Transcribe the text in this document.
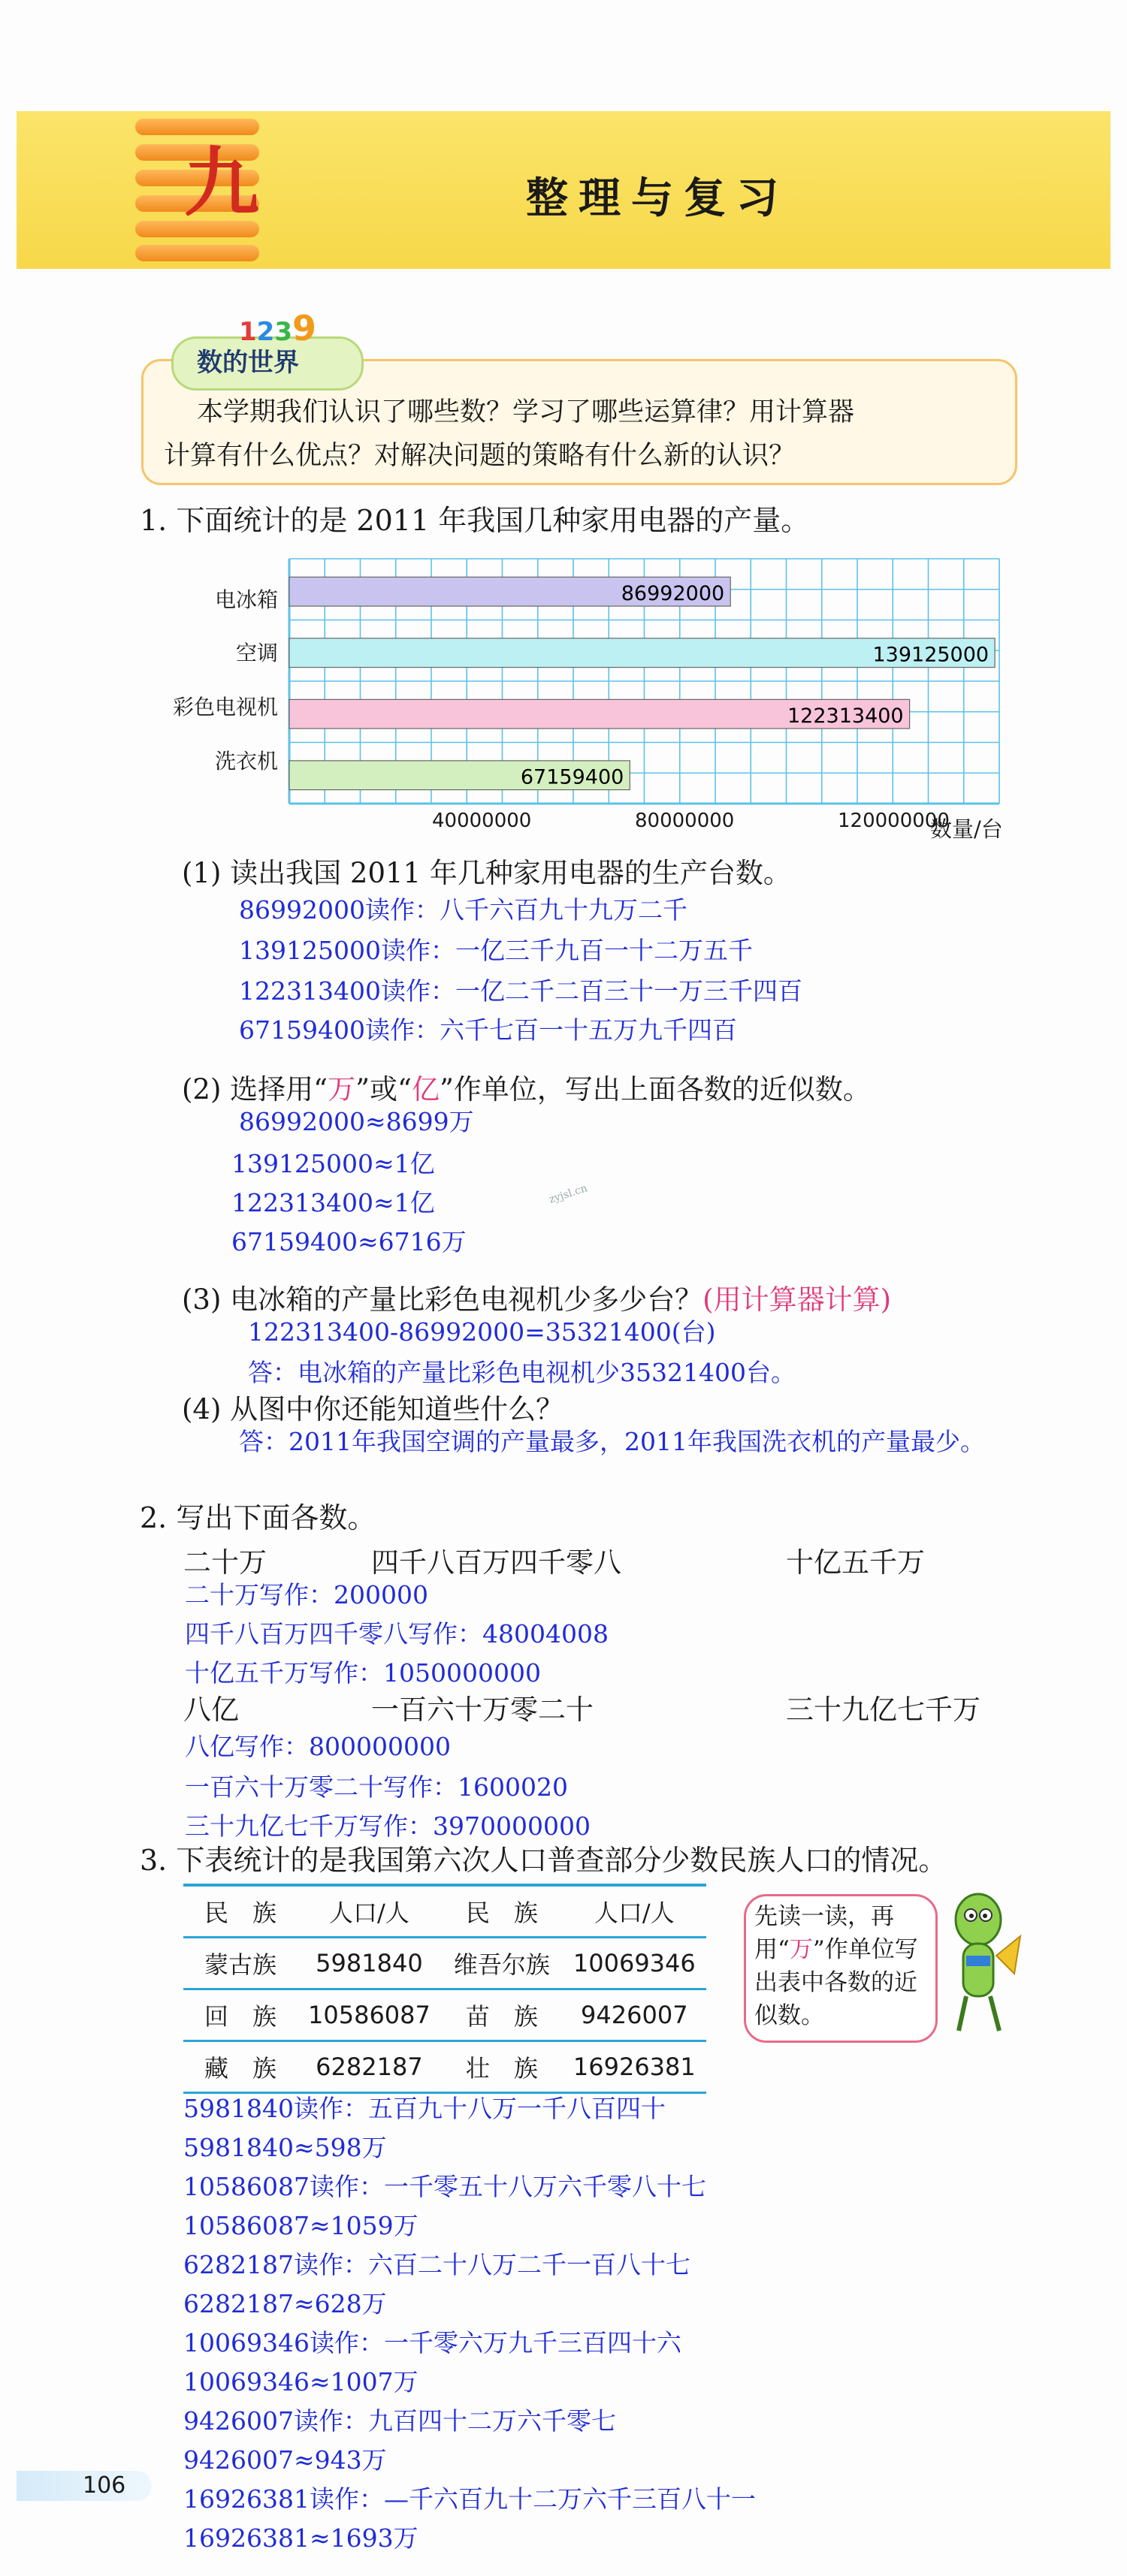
九	整理与复习
1239
数的世界
本学期我们认识了哪些数？学习了哪些运算律？用计算器
计算有什么优点？对解决问题的策略有什么新的认识？
1. 下面统计的是 2011 年我国几种家用电器的产量。
86992000
139125000
122313400
67159400
电冰箱
空调
彩色电视机
洗衣机
40000000	80000000	120000000
数量/台
(1) 读出我国 2011 年几种家用电器的生产台数。
86992000读作：八千六百九十九万二千
139125000读作：一亿三千九百一十二万五千
122313400读作：一亿二千二百三十一万三千四百
67159400读作：六千七百一十五万九千四百
(2) 选择用“万”或“亿”作单位，写出上面各数的近似数。
86992000≈8699万
139125000≈1亿
122313400≈1亿
67159400≈6716万
zyjsl.cn
(3) 电冰箱的产量比彩色电视机少多少台？(用计算器计算)
122313400-86992000=35321400(台)
答：电冰箱的产量比彩色电视机少35321400台。
(4) 从图中你还能知道些什么？
答：2011年我国空调的产量最多，2011年我国洗衣机的产量最少。
2. 写出下面各数。
二十万	四千八百万四千零八	十亿五千万
二十万写作：200000
四千八百万四千零八写作：48004008
十亿五千万写作：1050000000
八亿	一百六十万零二十	三十九亿七千万
八亿写作：800000000
一百六十万零二十写作：1600020
三十九亿七千万写作：3970000000
3. 下表统计的是我国第六次人口普查部分少数民族人口的情况。
民　族	人口/人	民　族	人口/人
蒙古族	5981840	维吾尔族	10069346
回　族	10586087	苗　族	9426007
藏　族	6282187	壮　族	16926381
先读一读，再用“万”作单位写出表中各数的近似数。
5981840读作：五百九十八万一千八百四十
5981840≈598万
10586087读作：一千零五十八万六千零八十七
10586087≈1059万
6282187读作：六百二十八万二千一百八十七
6282187≈628万
10069346读作：一千零六万九千三百四十六
10069346≈1007万
9426007读作：九百四十二万六千零七
9426007≈943万
16926381读作：—千六百九十二万六千三百八十一
16926381≈1693万
106
